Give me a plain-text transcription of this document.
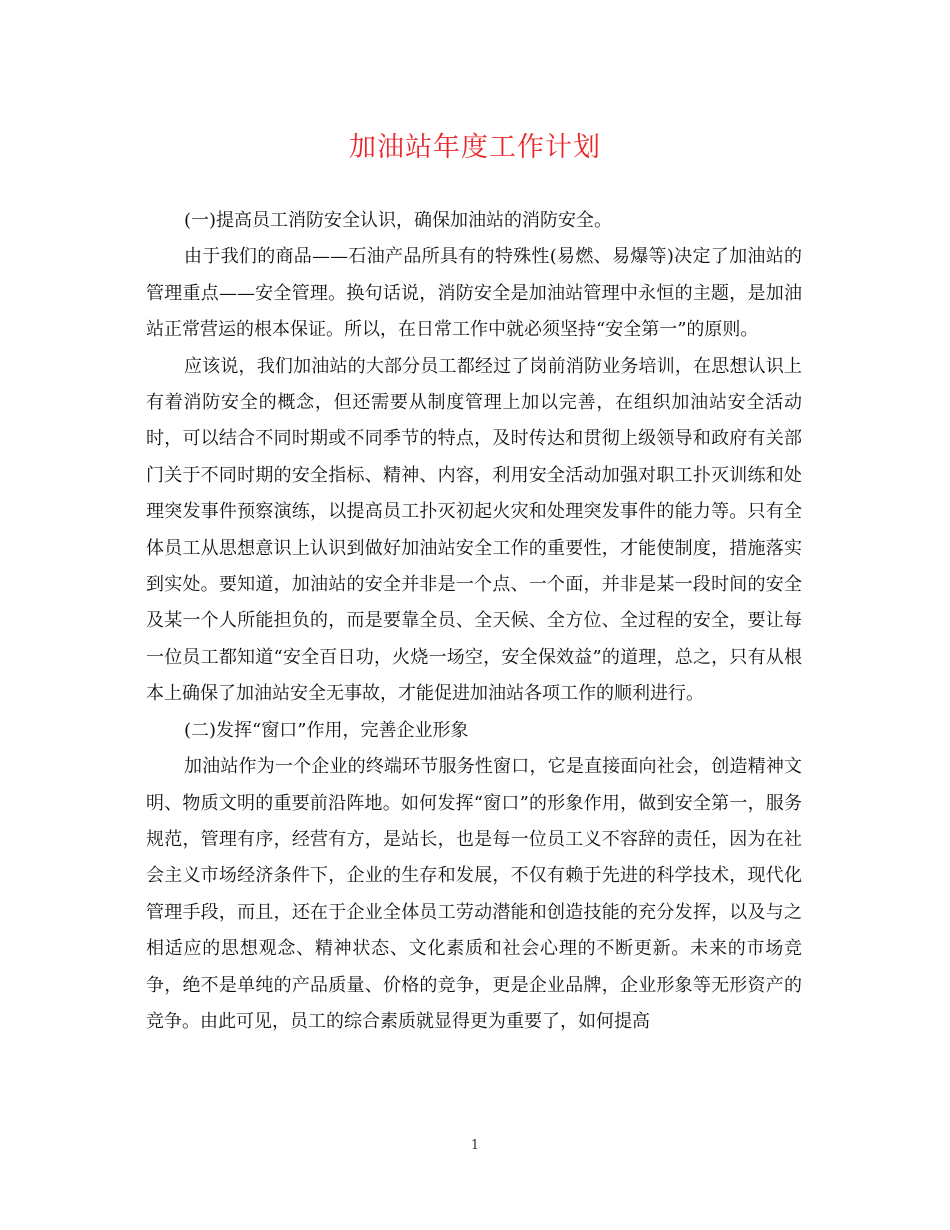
加油站年度工作计划

(一)提高员工消防安全认识，确保加油站的消防安全。

由于我们的商品——石油产品所具有的特殊性(易燃、易爆等)决定了加油站的管理重点——安全管理。换句话说，消防安全是加油站管理中永恒的主题，是加油站正常营运的根本保证。所以，在日常工作中就必须坚持“安全第一”的原则。

应该说，我们加油站的大部分员工都经过了岗前消防业务培训，在思想认识上有着消防安全的概念，但还需要从制度管理上加以完善，在组织加油站安全活动时，可以结合不同时期或不同季节的特点，及时传达和贯彻上级领导和政府有关部门关于不同时期的安全指标、精神、内容，利用安全活动加强对职工扑灭训练和处理突发事件预察演练，以提高员工扑灭初起火灾和处理突发事件的能力等。只有全体员工从思想意识上认识到做好加油站安全工作的重要性，才能使制度，措施落实到实处。要知道，加油站的安全并非是一个点、一个面，并非是某一段时间的安全及某一个人所能担负的，而是要靠全员、全天候、全方位、全过程的安全，要让每一位员工都知道“安全百日功，火烧一场空，安全保效益”的道理，总之，只有从根本上确保了加油站安全无事故，才能促进加油站各项工作的顺利进行。

(二)发挥“窗口”作用，完善企业形象

加油站作为一个企业的终端环节服务性窗口，它是直接面向社会，创造精神文明、物质文明的重要前沿阵地。如何发挥“窗口”的形象作用，做到安全第一，服务规范，管理有序，经营有方，是站长，也是每一位员工义不容辞的责任，因为在社会主义市场经济条件下，企业的生存和发展，不仅有赖于先进的科学技术，现代化管理手段，而且，还在于企业全体员工劳动潜能和创造技能的充分发挥，以及与之相适应的思想观念、精神状态、文化素质和社会心理的不断更新。未来的市场竞争，绝不是单纯的产品质量、价格的竞争，更是企业品牌，企业形象等无形资产的竞争。由此可见，员工的综合素质就显得更为重要了，如何提高

1
